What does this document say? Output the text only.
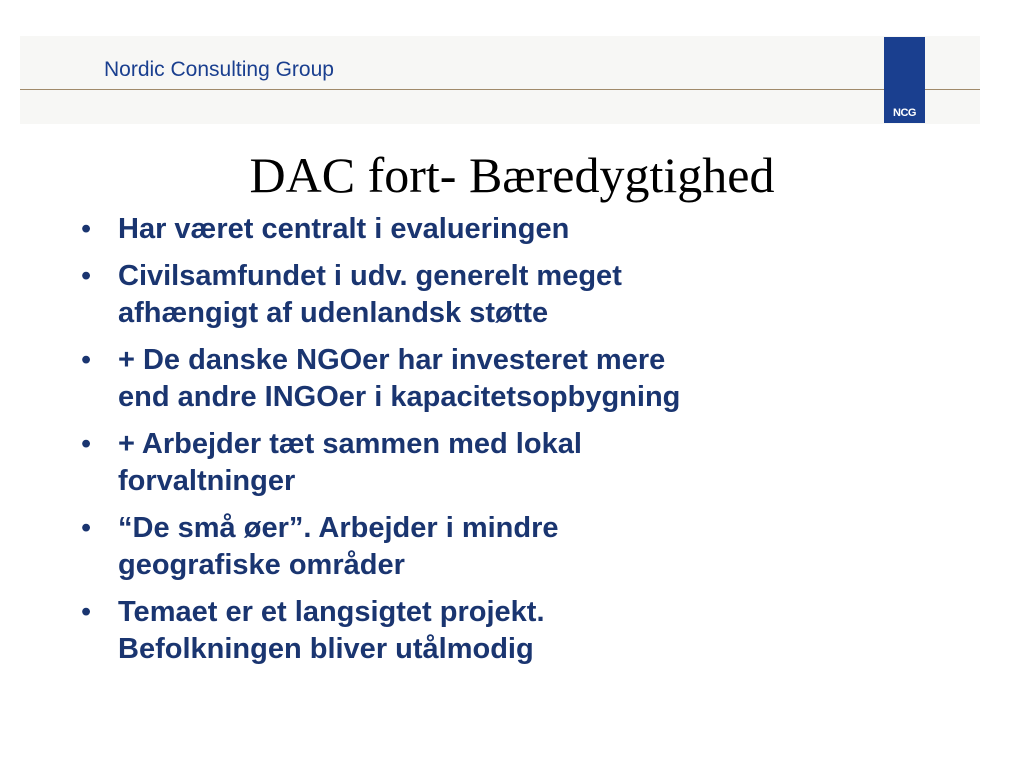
Nordic Consulting Group
NCG
DAC fort- Bæredygtighed
• Har været centralt i evalueringen
• Civilsamfundet i udv. generelt meget
afhængigt af udenlandsk støtte
• + De danske NGOer har investeret mere
end andre INGOer i kapacitetsopbygning
• + Arbejder tæt sammen med lokal
forvaltninger
• “De små øer”. Arbejder i mindre
geografiske områder
• Temaet er et langsigtet projekt.
Befolkningen bliver utålmodig
